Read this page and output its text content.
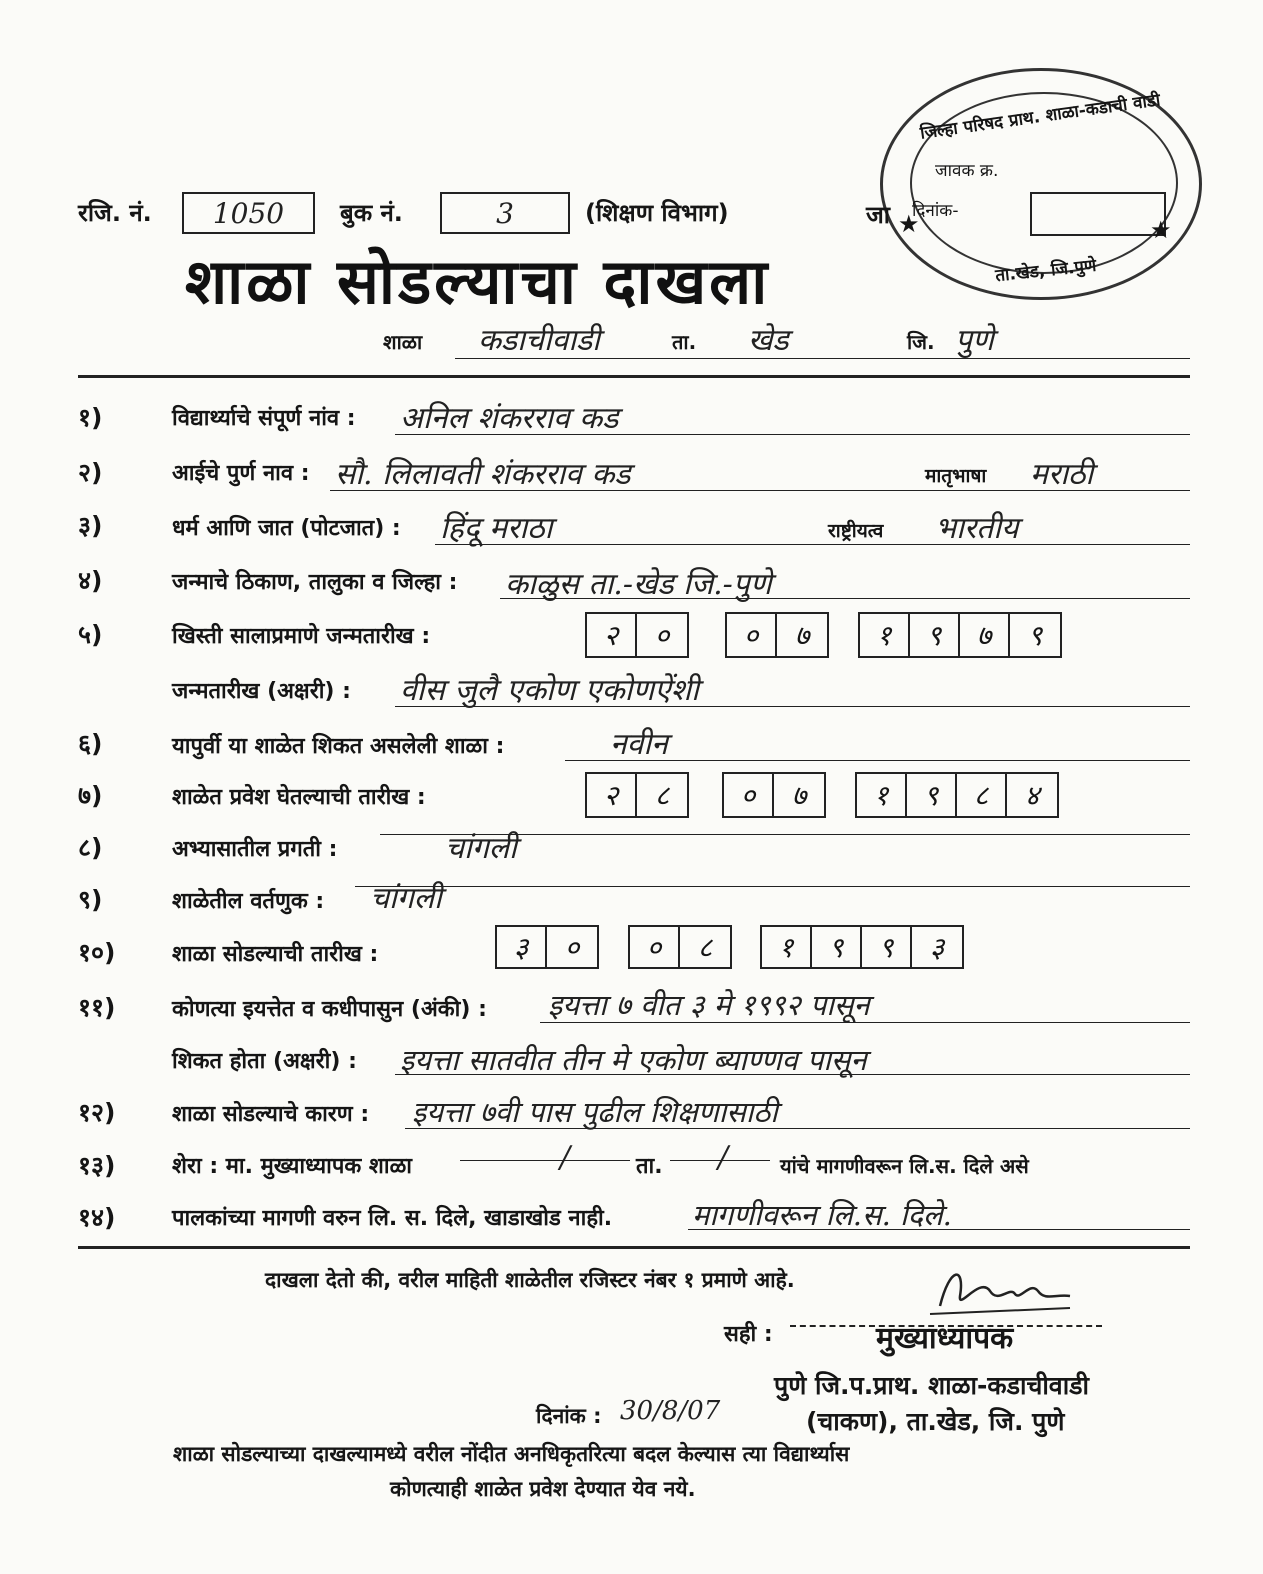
जिल्हा परिषद प्राथ. शाळा-कडाची वाडी
जावक क्र.
दिनांक-
★	★
ता.खेड, जि.पुणे
रजि. नं.	1050	बुक नं.	3	(शिक्षण विभाग)	जा
शाळा सोडल्याचा दाखला
शाळा कडाचीवाडी	ता. खेड	जि. पुणे
१)	विद्यार्थ्याचे संपूर्ण नांव : अनिल शंकरराव कड
२)	आईचे पुर्ण नाव : सौ. लिलावती शंकरराव कड	मातृभाषा मराठी
३)	धर्म आणि जात (पोटजात) : हिंदू मराठा	राष्ट्रीयत्व भारतीय
४)	जन्माचे ठिकाण, तालुका व जिल्हा : काळुस ता.-खेड जि.-पुणे
५)	खिस्ती सालाप्रमाणे जन्मतारीख :	२	०	०	७	१	९	७	९
जन्मतारीख (अक्षरी) : वीस जुलै एकोण एकोणऐंशी
६)	यापुर्वी या शाळेत शिकत असलेली शाळा :	नवीन
७)	शाळेत प्रवेश घेतल्याची तारीख :	२	८	०	७	१	९	८	४
८)	अभ्यासातील प्रगती :	चांगली
९)	शाळेतील वर्तणुक : चांगली
१०)	शाळा सोडल्याची तारीख :	३	०	०	८	१	९	९	३
११)	कोणत्या इयत्तेत व कधीपासुन (अंकी) : इयत्ता ७ वीत ३ मे १९९२ पासून
शिकत होता (अक्षरी) : इयत्ता सातवीत तीन मे एकोण ब्याण्णव पासून
१२)	शाळा सोडल्याचे कारण : इयत्ता ७वी पास पुढील शिक्षणासाठी
१३)	शेरा : मा. मुख्याध्यापक शाळा	/	ता. /	यांचे मागणीवरून लि.स. दिले असे
१४)	पालकांच्या मागणी वरुन लि. स. दिले, खाडाखोड नाही.	मागणीवरून लि.स. दिले.
दाखला देतो की, वरील माहिती शाळेतील रजिस्टर नंबर १ प्रमाणे आहे.
सही :	मुख्याध्यापक
पुणे जि.प.प्राथ. शाळा-कडाचीवाडी
दिनांक : 30/8/07	(चाकण), ता.खेड, जि. पुणे
शाळा सोडल्याच्या दाखल्यामध्ये वरील नोंदीत अनधिकृतरित्या बदल केल्यास त्या विद्यार्थ्यास
कोणत्याही शाळेत प्रवेश देण्यात येव नये.
